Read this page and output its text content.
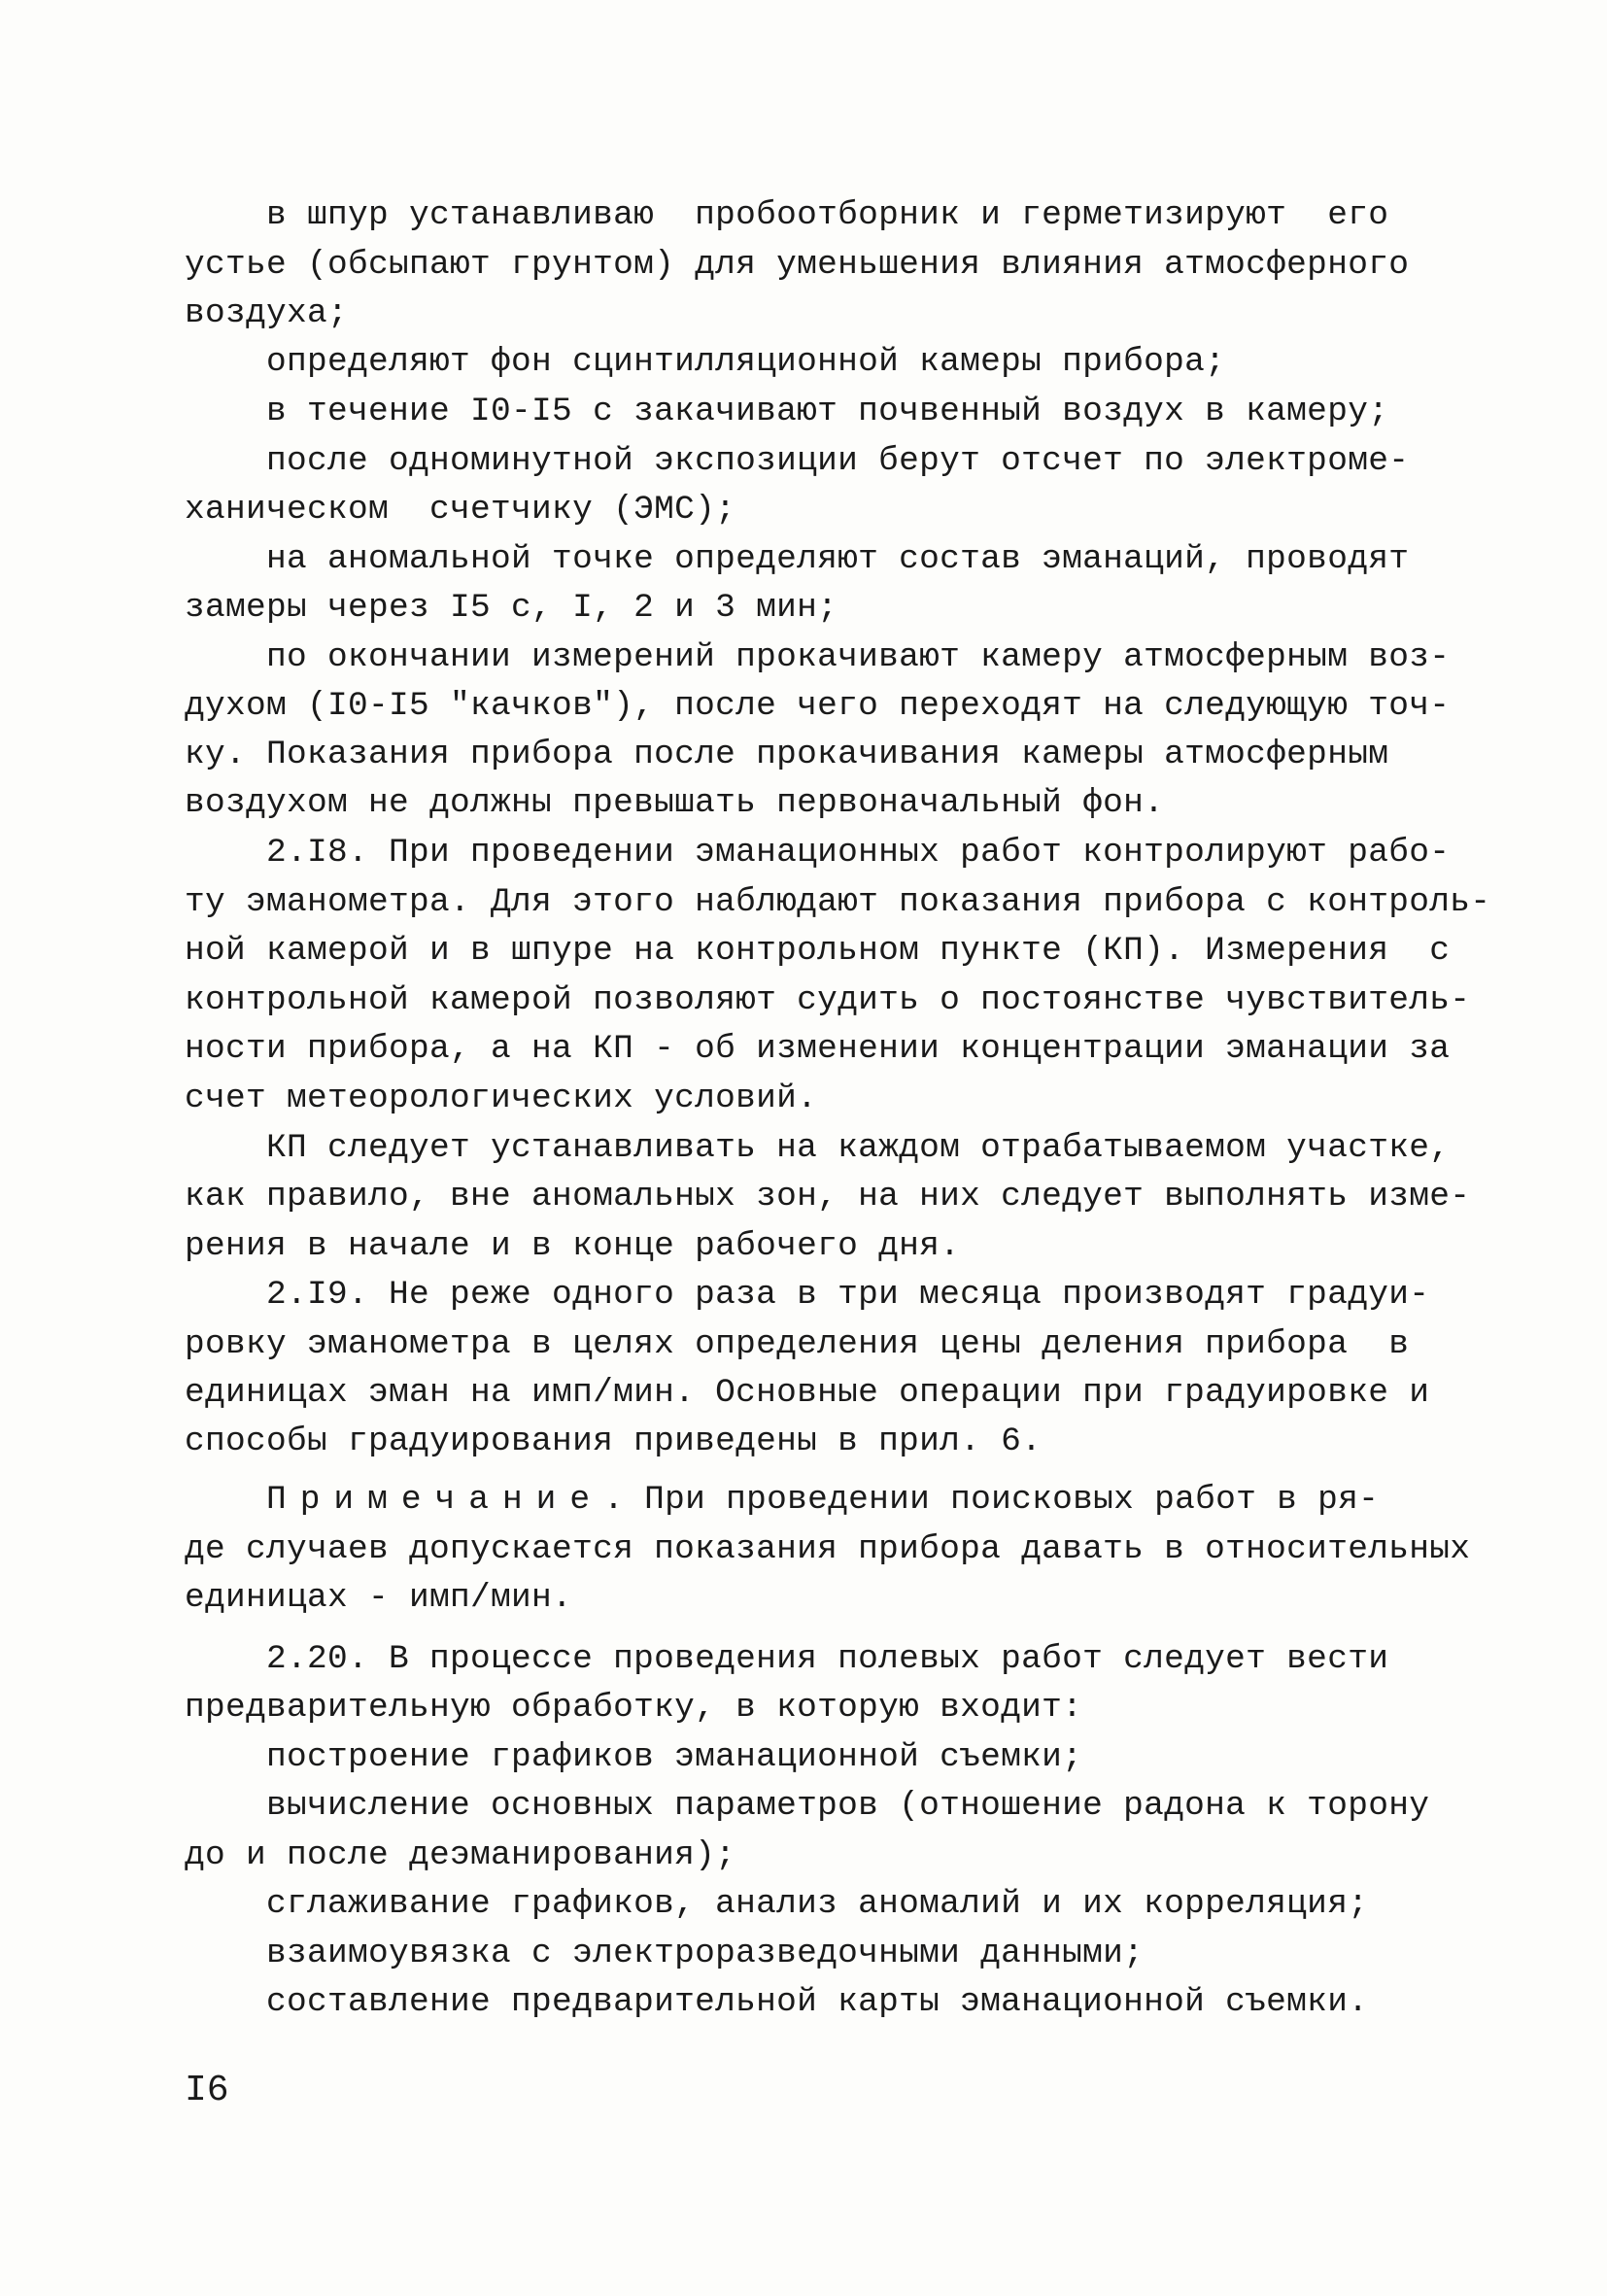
в шпур устанавливаю  пробоотборник и герметизируют  его

устье (обсыпают грунтом) для уменьшения влияния атмосферного

воздуха;

определяют фон сцинтилляционной камеры прибора;

в течение I0-I5 с закачивают почвенный воздух в камеру;

после одноминутной экспозиции берут отсчет по электроме-

ханическом  счетчику (ЭМС);

на аномальной точке определяют состав эманаций, проводят

замеры через I5 с, I, 2 и 3 мин;

по окончании измерений прокачивают камеру атмосферным воз-

духом (I0-I5 "качков"), после чего переходят на следующую точ-

ку. Показания прибора после прокачивания камеры атмосферным

воздухом не должны превышать первоначальный фон.

2.I8. При проведении эманационных работ контролируют рабо-

ту эманометра. Для этого наблюдают показания прибора с контроль-

ной камерой и в шпуре на контрольном пункте (КП). Измерения  с

контрольной камерой позволяют судить о постоянстве чувствитель-

ности прибора, а на КП - об изменении концентрации эманации за

счет метеорологических условий.

КП следует устанавливать на каждом отрабатываемом участке,

как правило, вне аномальных зон, на них следует выполнять изме-

рения в начале и в конце рабочего дня.

2.I9. Не реже одного раза в три месяца производят градуи-

ровку эманометра в целях определения цены деления прибора  в

единицах эман на имп/мин. Основные операции при градуировке и

способы градуирования приведены в прил. 6.

Примечание. При проведении поисковых работ в ря-

де случаев допускается показания прибора давать в относительных

единицах - имп/мин.

2.20. В процессе проведения полевых работ следует вести

предварительную обработку, в которую входит:

построение графиков эманационной съемки;

вычисление основных параметров (отношение радона к торону

до и после деэманирования);

сглаживание графиков, анализ аномалий и их корреляция;

взаимоувязка с электроразведочными данными;

составление предварительной карты эманационной съемки.

I6
